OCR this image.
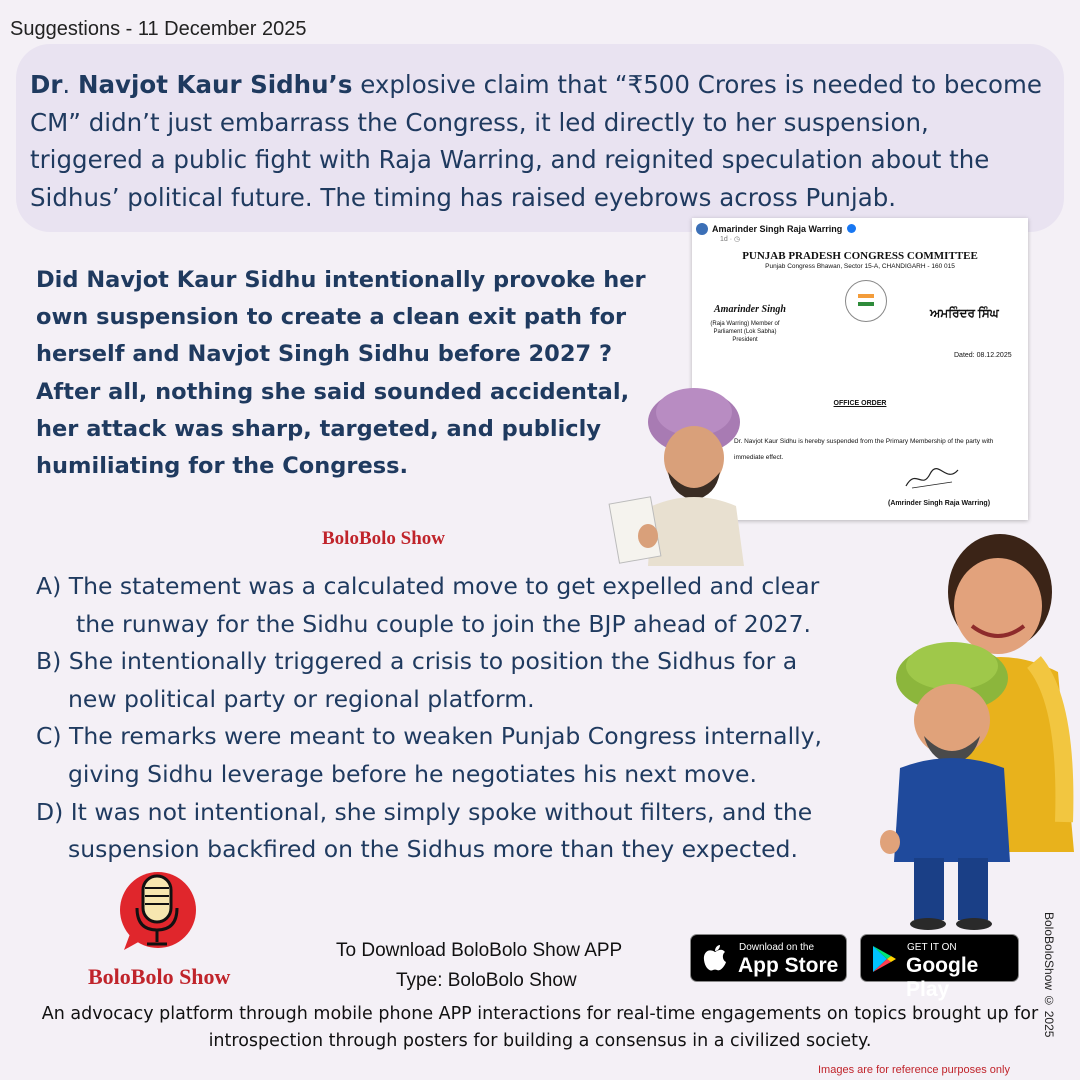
Suggestions - 11 December 2025
Dr. Navjot Kaur Sidhu’s explosive claim that “₹500 Crores is needed to become CM” didn’t just embarrass the Congress, it led directly to her suspension, triggered a public fight with Raja Warring, and reignited speculation about the Sidhus’ political future. The timing has raised eyebrows across Punjab.
Did Navjot Kaur Sidhu intentionally provoke her own suspension to create a clean exit path for herself and Navjot Singh Sidhu before 2027 ? After all, nothing she said sounded accidental, her attack was sharp, targeted, and publicly humiliating for the Congress.
BoloBolo Show
Amarinder Singh Raja Warring
1d · ◷
PUNJAB PRADESH CONGRESS COMMITTEE
Punjab Congress Bhawan, Sector 15-A, CHANDIGARH - 160 015
Amarinder Singh
(Raja Warring) Member of Parliament (Lok Sabha) President
ਅਮਰਿੰਦਰ ਸਿੰਘ
Dated: 08.12.2025
OFFICE ORDER
Dr. Navjot Kaur Sidhu is hereby suspended from the Primary Membership of the party with immediate effect.
(Amrinder Singh Raja Warring)
A) The statement was a calculated move to get expelled and clear
the runway for the Sidhu couple to join the BJP ahead of 2027.
B) She intentionally triggered a crisis to position the Sidhus for a
new political party or regional platform.
C) The remarks were meant to weaken Punjab Congress internally,
giving Sidhu leverage before he negotiates his next move.
D) It was not intentional, she simply spoke without filters, and the
suspension backfired on the Sidhus more than they expected.
BoloBolo Show
To Download BoloBolo Show APP
Type: BoloBolo Show
Download on the
App Store
GET IT ON
Google Play
An advocacy platform through mobile phone APP interactions for real-time engagements on topics brought up for introspection through posters for building a consensus in a civilized society.
BoloBoloShow © 2025
Images are for reference purposes only
